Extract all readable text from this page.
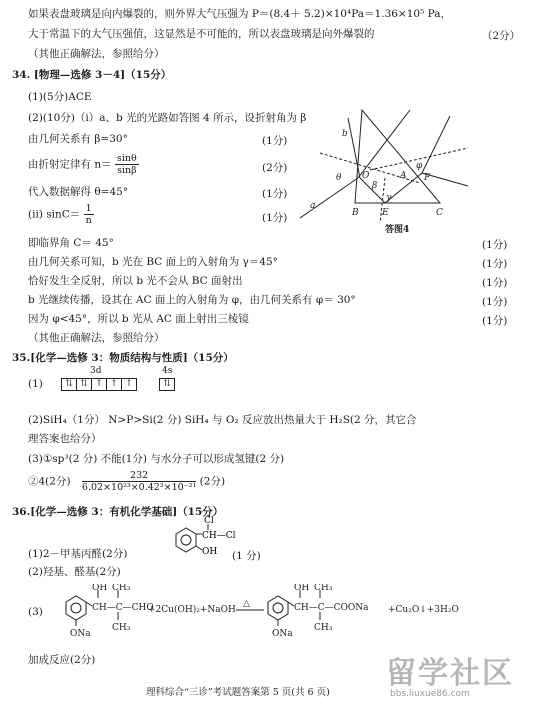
如果表盘玻璃是向内爆裂的，则外界大气压强为 P＝(8.4＋ 5.2)×10⁴Pa＝1.36×10⁵ Pa，
大于常温下的大气压强值，这显然是不可能的，所以表盘玻璃是向外爆裂的	（2分）
（其他正确解法，参照给分）
34. [物理—选修 3－4]（15分）
(1)(5分)ACE
(2)(10分)（ⅰ）a、b 光的光路如答图 4 所示，设折射角为 β
由几何关系有 β=30°	(1分)
由折射定律有 $n= \frac{\sin\theta}{\sin\beta}$	(2分)
代入数据解得 θ=45°	(1分)
(ⅱ) $\sin C= \frac{1}{n}$	(1分)
即临界角 C＝ 45°	(1分)
由几何关系可知，b 光在 BC 面上的入射角为 γ＝45°	(1分)
恰好发生全反射，所以 b 光不会从 BC 面射出	(1分)
b 光继续传播，设其在 AC 面上的入射角为 φ，由几何关系有 φ＝ 30°	(1分)
因为 φ<45°，所以 b 光从 AC 面上射出三棱镜	(1分)
（其他正确解法，参照给分）
b
a
θ O
β
A F
γ
φ
B	E	C
答图4
35.[化学—选修 3：物质结构与性质]（15分）
(1)
3d	4s
⇅ ⇅ ↑ ↑ ↑	⇅
(2)SiH₄（1分） N>P>Si(2 分) SiH₄ 与 O₂ 反应放出热量大于 H₂S(2 分，其它合
理答案也给分）
(3)①sp³(2 分) 不能(1分) 与水分子可以形成氢键(2 分)
②4(2分) $\frac{232}{\text{6.02×10²³×0.42³×10⁻²¹}} (2$分)
36.[化学—选修 3：有机化学基础]（15分）
(1)2－甲基丙醛(2分)
Cl
CH—Cl
OH (1 分)
(2)羟基、醛基(2分)
(3)
OH CH₃
CH—C—CHO
CH₃
ONa
+2Cu(OH)₂+NaOH
△
OH CH₃
CH—C—COONa
CH₃
ONa
+Cu₂O↓+3H₂O
加成反应(2分)
理科综合“三诊”考试题答案第 5 页(共 6 页)
留学社区
bbs.liuxue86.com
